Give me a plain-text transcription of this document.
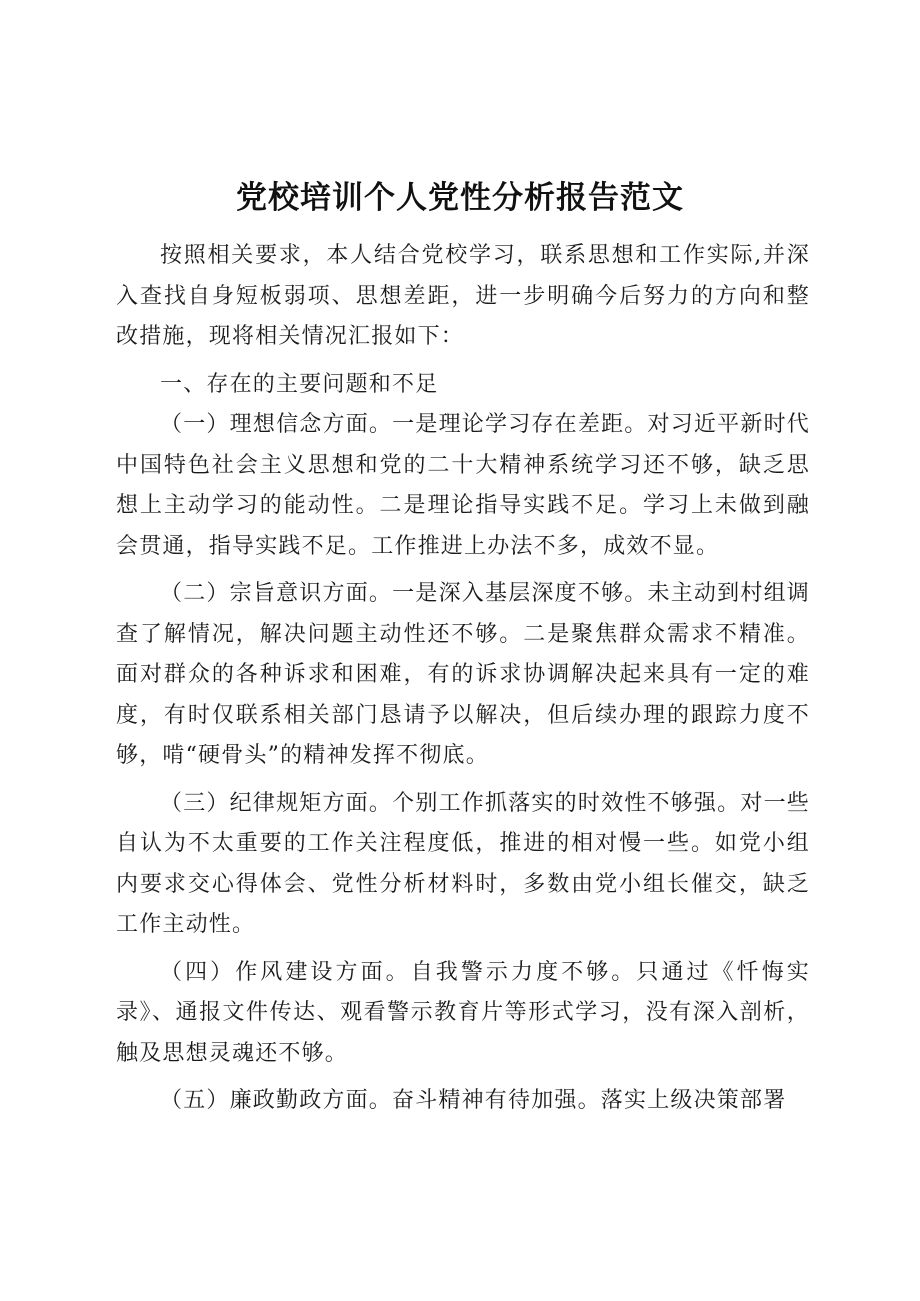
党校培训个人党性分析报告范文

按照相关要求，本人结合党校学习，联系思想和工作实际,并深入查找自身短板弱项、思想差距，进一步明确今后努力的方向和整改措施，现将相关情况汇报如下：

一、存在的主要问题和不足

（一）理想信念方面。一是理论学习存在差距。对习近平新时代中国特色社会主义思想和党的二十大精神系统学习还不够，缺乏思想上主动学习的能动性。二是理论指导实践不足。学习上未做到融会贯通，指导实践不足。工作推进上办法不多，成效不显。

（二）宗旨意识方面。一是深入基层深度不够。未主动到村组调查了解情况，解决问题主动性还不够。二是聚焦群众需求不精准。面对群众的各种诉求和困难，有的诉求协调解决起来具有一定的难度，有时仅联系相关部门恳请予以解决，但后续办理的跟踪力度不够，啃“硬骨头”的精神发挥不彻底。

（三）纪律规矩方面。个别工作抓落实的时效性不够强。对一些自认为不太重要的工作关注程度低，推进的相对慢一些。如党小组内要求交心得体会、党性分析材料时，多数由党小组长催交，缺乏工作主动性。

（四）作风建设方面。自我警示力度不够。只通过《忏悔实录》、通报文件传达、观看警示教育片等形式学习，没有深入剖析，触及思想灵魂还不够。

（五）廉政勤政方面。奋斗精神有待加强。落实上级决策部署
